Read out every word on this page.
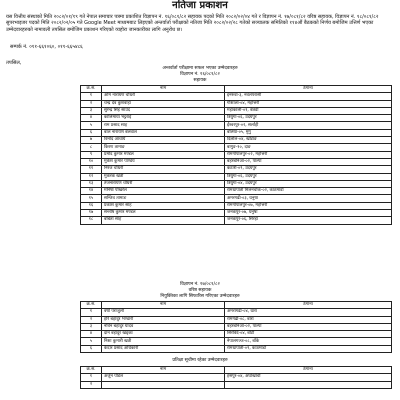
नतिजा प्रकाशन
यस वित्तीय संस्थाको मिति २०८२/०१/१९ गते नेपाल समाचार पत्रमा प्रकाशित विज्ञापन नं. १६/०८१/८२ सहायक पदको मिति २०८२/०२/०४ गते र विज्ञापन नं. १७/०८१/८२ वरिष्ठ सहायक, विज्ञापन नं. १८/०८१/८२ सुपरभाइजर पदको मिति २०८२/०२/०५ गते Google Meet माध्यमबाट लिइएको अन्तर्वार्ता परीक्षाको नतिजा मिति २०८२/०२/२८ गतेको सञ्चालक समितिको ११४औं बैठकको निर्णय बमोजिम उत्तिर्ण भएका उम्मेदवारहरुको नामावली तपसिल बमोजिम प्रकाशन गरिएको व्यहोरा जानकारीका लागि अनुरोध छ।
सम्पर्क नं. ०११-६६१०६०, ०११-६६५४८६
तपसिल,
अन्तर्वार्ता परीक्षामा सफल भएका उम्मेदवारहरु
विज्ञापन नं. १६/०८१/८२
सहायक
क्र.सं.	नाम	ठेगाना
१	ओम नारायण चौधरी	इनरुवा-३, नवलपरासी
२	चन्द्र देव कुशवाहा	गौशाला-०४, महोत्तरी
३	सुरेन्द्र सिंह साउद	महाकाली-०१, बैतडी
४	कालिमाया भट्टराई	त्रियुगा-०६, उदयपुर
५	राम प्रसाद साह	ईश्वरपुर-०२, सर्लाही
६	बाल नारायण बेलवाल	बलिया-०५, मुगु
७	विनोद आचार्य	दिलोल-०४, खोटाङ
८	किरण तामाङ	बागुङ-१०, दाङ
९	प्रमोद कुमार मण्डल	रामगोपालपुर-०२, महोत्तरी
१०	मुकेश कुमार पाण्डेय	बहरबोनेआ-०२, पाल्पा
११	निरज चौधरी	कटारी-०९, उदयपुर
१२	मुकरक खत्री	त्रियुगा-०६, उदयपुर
१३	तेजनारायण चौधरी	त्रियुगा-०४, उदयपुर
१४	मनिषा पोखरेल	रामधापाती मिलनचोक-०२, काठमाडौं
१५	सन्जिव तामाङ	अमरगढी-०३, धनुषा
१६	प्रकाश कुमार साह	रामगोपालपुर-०७, महोत्तरी
१७	सन्तोष कुमार मण्डल	जनकपुर-०७, धनुषा
१८	बबिता साह	जनकपुर-०६, सिरहा
विज्ञापन नं. १७/०८१/८२
वरिष्ठ सहायक
नियुक्तिका लागि सिफारिस गरिएका उम्मेदवारहरु
क्र.सं.	नाम	ठेगाना
१	वर्षा पराजुली	अमरागढी-०४, धारा
२	हरि बहादुर भण्डारी	रामगढी-०८, बारा
३	नविन बहादुर यादव	बहरबोनेआ-०२, पाल्पा
४	दान बहादुर खड्का	सिरविदे-०४, बोटी
५	निशा कुमारी खत्री	नेपालगञ्ज-०८, बाँके
६	केदार प्रसाद अधिकारी	रामधापाती-०९, काठमाडौं
प्रतिक्षा सूचीमा रहेका उम्मेदवारहरु
क्र.सं.	नाम	ठेगाना
१	अर्जुन पौडेल	हंसपुर-०४, अर्घाखाँची
२		
